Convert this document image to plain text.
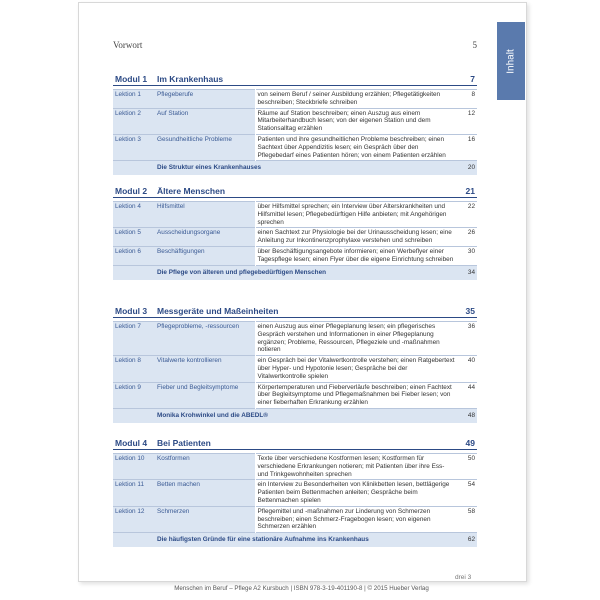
Inhalt
Vorwort	5
Modul 1	Im Krankenhaus		7

Lektion 1	Pflegeberufe	von seinem Beruf / seiner Ausbildung erzählen; Pflegetätigkeiten beschreiben; Steckbriefe schreiben	8
Lektion 2	Auf Station	Räume auf Station beschreiben; einen Auszug aus einem Mitarbeiterhandbuch lesen; von der eigenen Station und dem Stationsalltag erzählen	12
Lektion 3	Gesundheitliche Probleme	Patienten und ihre gesundheitlichen Probleme beschreiben; einen Sachtext über Appendizitis lesen; ein Gespräch über den Pflegebedarf eines Patienten hören; von einem Patienten erzählen	16
	Die Struktur eines Krankenhauses		20
Modul 2	Ältere Menschen		21

Lektion 4	Hilfsmittel	über Hilfsmittel sprechen; ein Interview über Alterskrankheiten und Hilfsmittel lesen; Pflegebedürftigen Hilfe anbieten; mit Angehörigen sprechen	22
Lektion 5	Ausscheidungsorgane	einen Sachtext zur Physiologie bei der Urinausscheidung lesen; eine Anleitung zur Inkontinenzprophylaxe verstehen und schreiben	26
Lektion 6	Beschäftigungen	über Beschäftigungsangebote informieren; einen Werbeflyer einer Tagespflege lesen; einen Flyer über die eigene Einrichtung schreiben	30
	Die Pflege von älteren und pflegebedürftigen Menschen		34
Modul 3	Messgeräte und Maßeinheiten		35

Lektion 7	Pflegeprobleme, -ressourcen	einen Auszug aus einer Pflegeplanung lesen; ein pflegerisches Gespräch verstehen und Informationen in einer Pflegeplanung ergänzen; Probleme, Ressourcen, Pflegeziele und -maßnahmen notieren	36
Lektion 8	Vitalwerte kontrollieren	ein Gespräch bei der Vitalwertkontrolle verstehen; einen Ratgebertext über Hyper- und Hypotonie lesen; Gespräche bei der Vitalwertkontrolle spielen	40
Lektion 9	Fieber und Begleitsymptome	Körpertemperaturen und Fieberverläufe beschreiben; einen Fachtext über Begleitsymptome und Pflegemaßnahmen bei Fieber lesen; von einer fieberhaften Erkrankung erzählen	44
	Monika Krohwinkel und die ABEDL®		48
Modul 4	Bei Patienten		49

Lektion 10	Kostformen	Texte über verschiedene Kostformen lesen; Kostformen für verschiedene Erkrankungen notieren; mit Patienten über ihre Ess- und Trinkgewohnheiten sprechen	50
Lektion 11	Betten machen	ein Interview zu Besonderheiten von Klinikbetten lesen, bettlägerige Patienten beim Bettenmachen anleiten; Gespräche beim Bettenmachen spielen	54
Lektion 12	Schmerzen	Pflegemittel und -maßnahmen zur Linderung von Schmerzen beschreiben; einen Schmerz-Fragebogen lesen; von eigenen Schmerzen erzählen	58
	Die häufigsten Gründe für eine stationäre Aufnahme ins Krankenhaus		62
drei 3
Menschen im Beruf – Pflege A2 Kursbuch | ISBN 978-3-19-401190-8 | © 2015 Hueber Verlag
